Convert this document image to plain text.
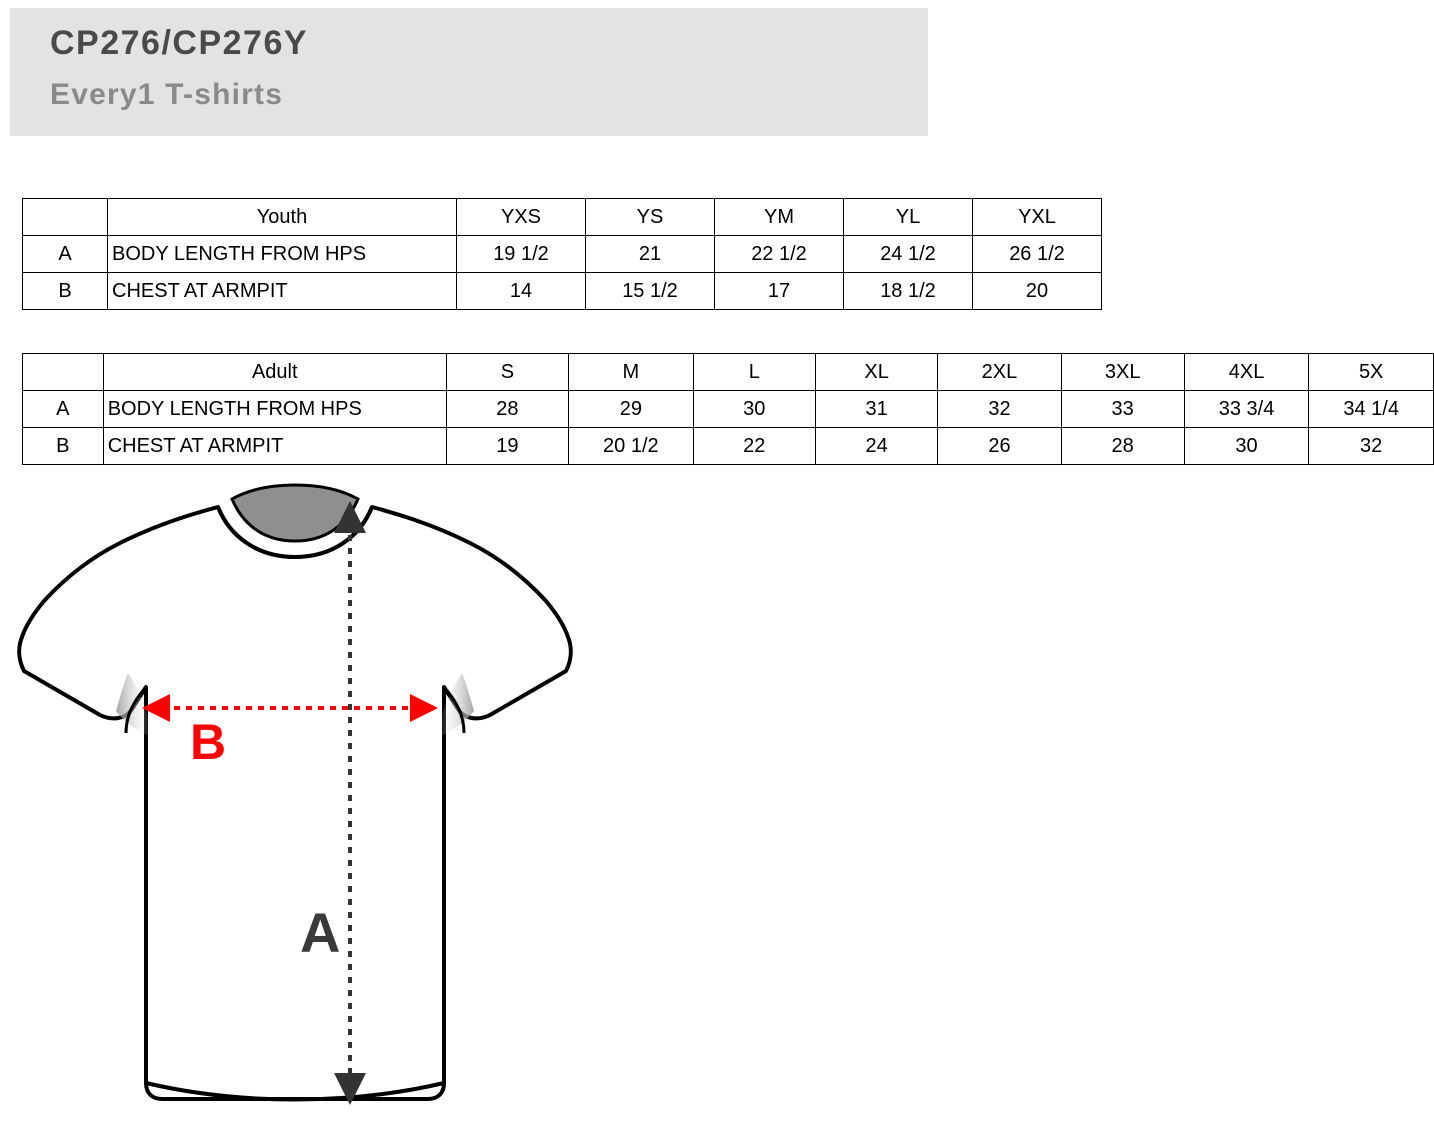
CP276/CP276Y
Every1 T-shirts
	Youth	YXS	YS	YM	YL	YXL
A	BODY LENGTH FROM HPS	19 1/2	21	22 1/2	24 1/2	26 1/2
B	CHEST AT ARMPIT	14	15 1/2	17	18 1/2	20
	Adult	S	M	L	XL	2XL	3XL	4XL	5X
A	BODY LENGTH FROM HPS	28	29	30	31	32	33	33 3/4	34 1/4
B	CHEST AT ARMPIT	19	20 1/2	22	24	26	28	30	32
B
A
